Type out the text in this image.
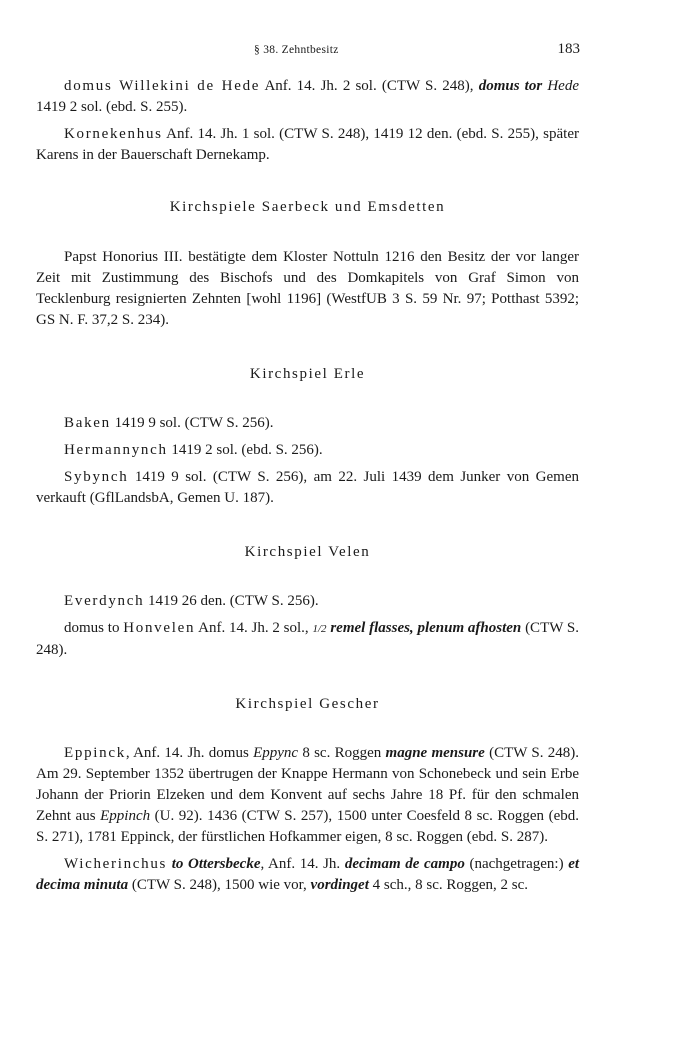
§ 38. Zehntbesitz	183

domus Willekini de Hede Anf. 14. Jh. 2 sol. (CTW S. 248), domus tor Hede 1419 2 sol. (ebd. S. 255).

Kornekenhus Anf. 14. Jh. 1 sol. (CTW S. 248), 1419 12 den. (ebd. S. 255), später Karens in der Bauerschaft Dernekamp.

Kirchspiele Saerbeck und Emsdetten

Papst Honorius III. bestätigte dem Kloster Nottuln 1216 den Besitz der vor langer Zeit mit Zustimmung des Bischofs und des Domkapitels von Graf Simon von Tecklenburg resignierten Zehnten [wohl 1196] (WestfUB 3 S. 59 Nr. 97; Potthast 5392; GS N. F. 37,2 S. 234).

Kirchspiel Erle

Baken 1419 9 sol. (CTW S. 256).

Hermannynch 1419 2 sol. (ebd. S. 256).

Sybynch 1419 9 sol. (CTW S. 256), am 22. Juli 1439 dem Junker von Gemen verkauft (GflLandsbA, Gemen U. 187).

Kirchspiel Velen

Everdynch 1419 26 den. (CTW S. 256).

domus to Honvelen Anf. 14. Jh. 2 sol., 1/2 remel flasses, plenum afhosten (CTW S. 248).

Kirchspiel Gescher

Eppinck, Anf. 14. Jh. domus Eppync 8 sc. Roggen magne mensure (CTW S. 248). Am 29. September 1352 übertrugen der Knappe Hermann von Schonebeck und sein Erbe Johann der Priorin Elzeken und dem Konvent auf sechs Jahre 18 Pf. für den schmalen Zehnt aus Eppinch (U. 92). 1436 (CTW S. 257), 1500 unter Coesfeld 8 sc. Roggen (ebd. S. 271), 1781 Eppinck, der fürstlichen Hofkammer eigen, 8 sc. Roggen (ebd. S. 287).

Wicherinchus to Ottersbecke, Anf. 14. Jh. decimam de campo (nachgetragen:) et decima minuta (CTW S. 248), 1500 wie vor, vordinget 4 sch., 8 sc. Roggen, 2 sc.
